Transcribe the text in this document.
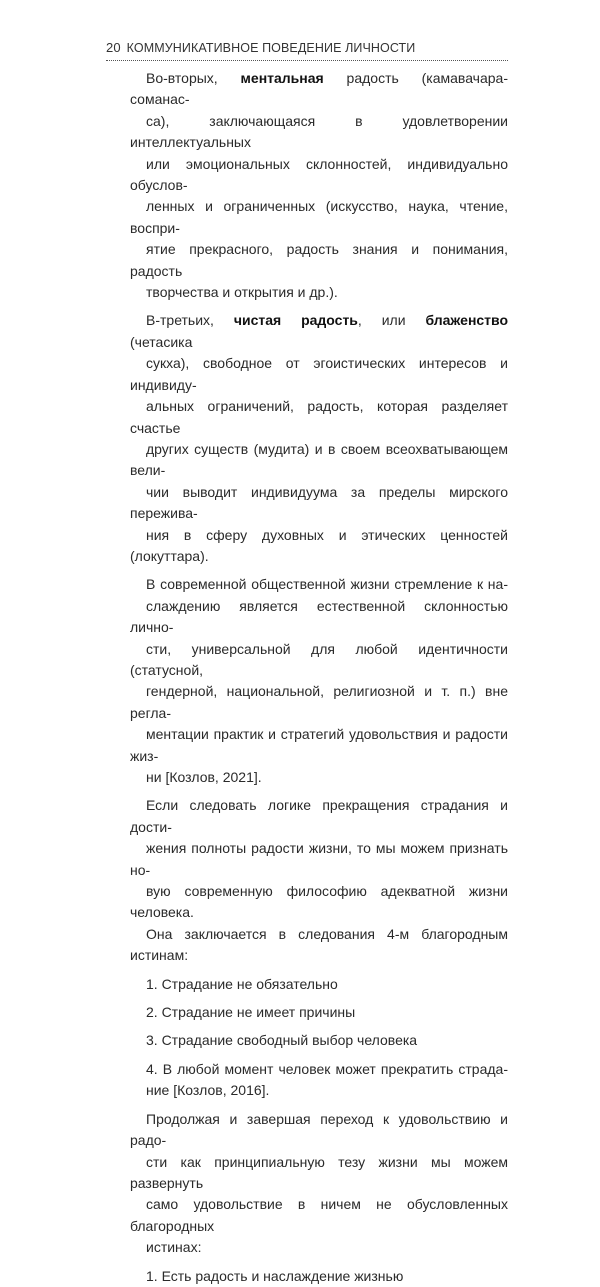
20 КОММУНИКАТИВНОЕ ПОВЕДЕНИЕ ЛИЧНОСТИ

Во-вторых, ментальная радость (камавачара-соманас-
са), заключающаяся в удовлетворении интеллектуальных
или эмоциональных склонностей, индивидуально обуслов-
ленных и ограниченных (искусство, наука, чтение, воспри-
ятие прекрасного, радость знания и понимания, радость
творчества и открытия и др.).

В-третьих, чистая радость, или блаженство (четасика
сукха), свободное от эгоистических интересов и индивиду-
альных ограничений, радость, которая разделяет счастье
других существ (мудита) и в своем всеохватывающем вели-
чии выводит индивидуума за пределы мирского пережива-
ния в сферу духовных и этических ценностей (локуттара).

В современной общественной жизни стремление к на-
слаждению является естественной склонностью лично-
сти, универсальной для любой идентичности (статусной,
гендерной, национальной, религиозной и т. п.) вне регла-
ментации практик и стратегий удовольствия и радости жиз-
ни [Козлов, 2021].

Если следовать логике прекращения страдания и дости-
жения полноты радости жизни, то мы можем признать но-
вую современную философию адекватной жизни человека.
Она заключается в следования 4-м благородным истинам:

1. Страдание не обязательно

2. Страдание не имеет причины

3. Страдание свободный выбор человека

4. В любой момент человек может прекратить страда-
ние [Козлов, 2016].

Продолжая и завершая переход к удовольствию и радо-
сти как принципиальную тезу жизни мы можем развернуть
само удовольствие в ничем не обусловленных благородных
истинах:

1. Есть радость и наслаждение жизнью
